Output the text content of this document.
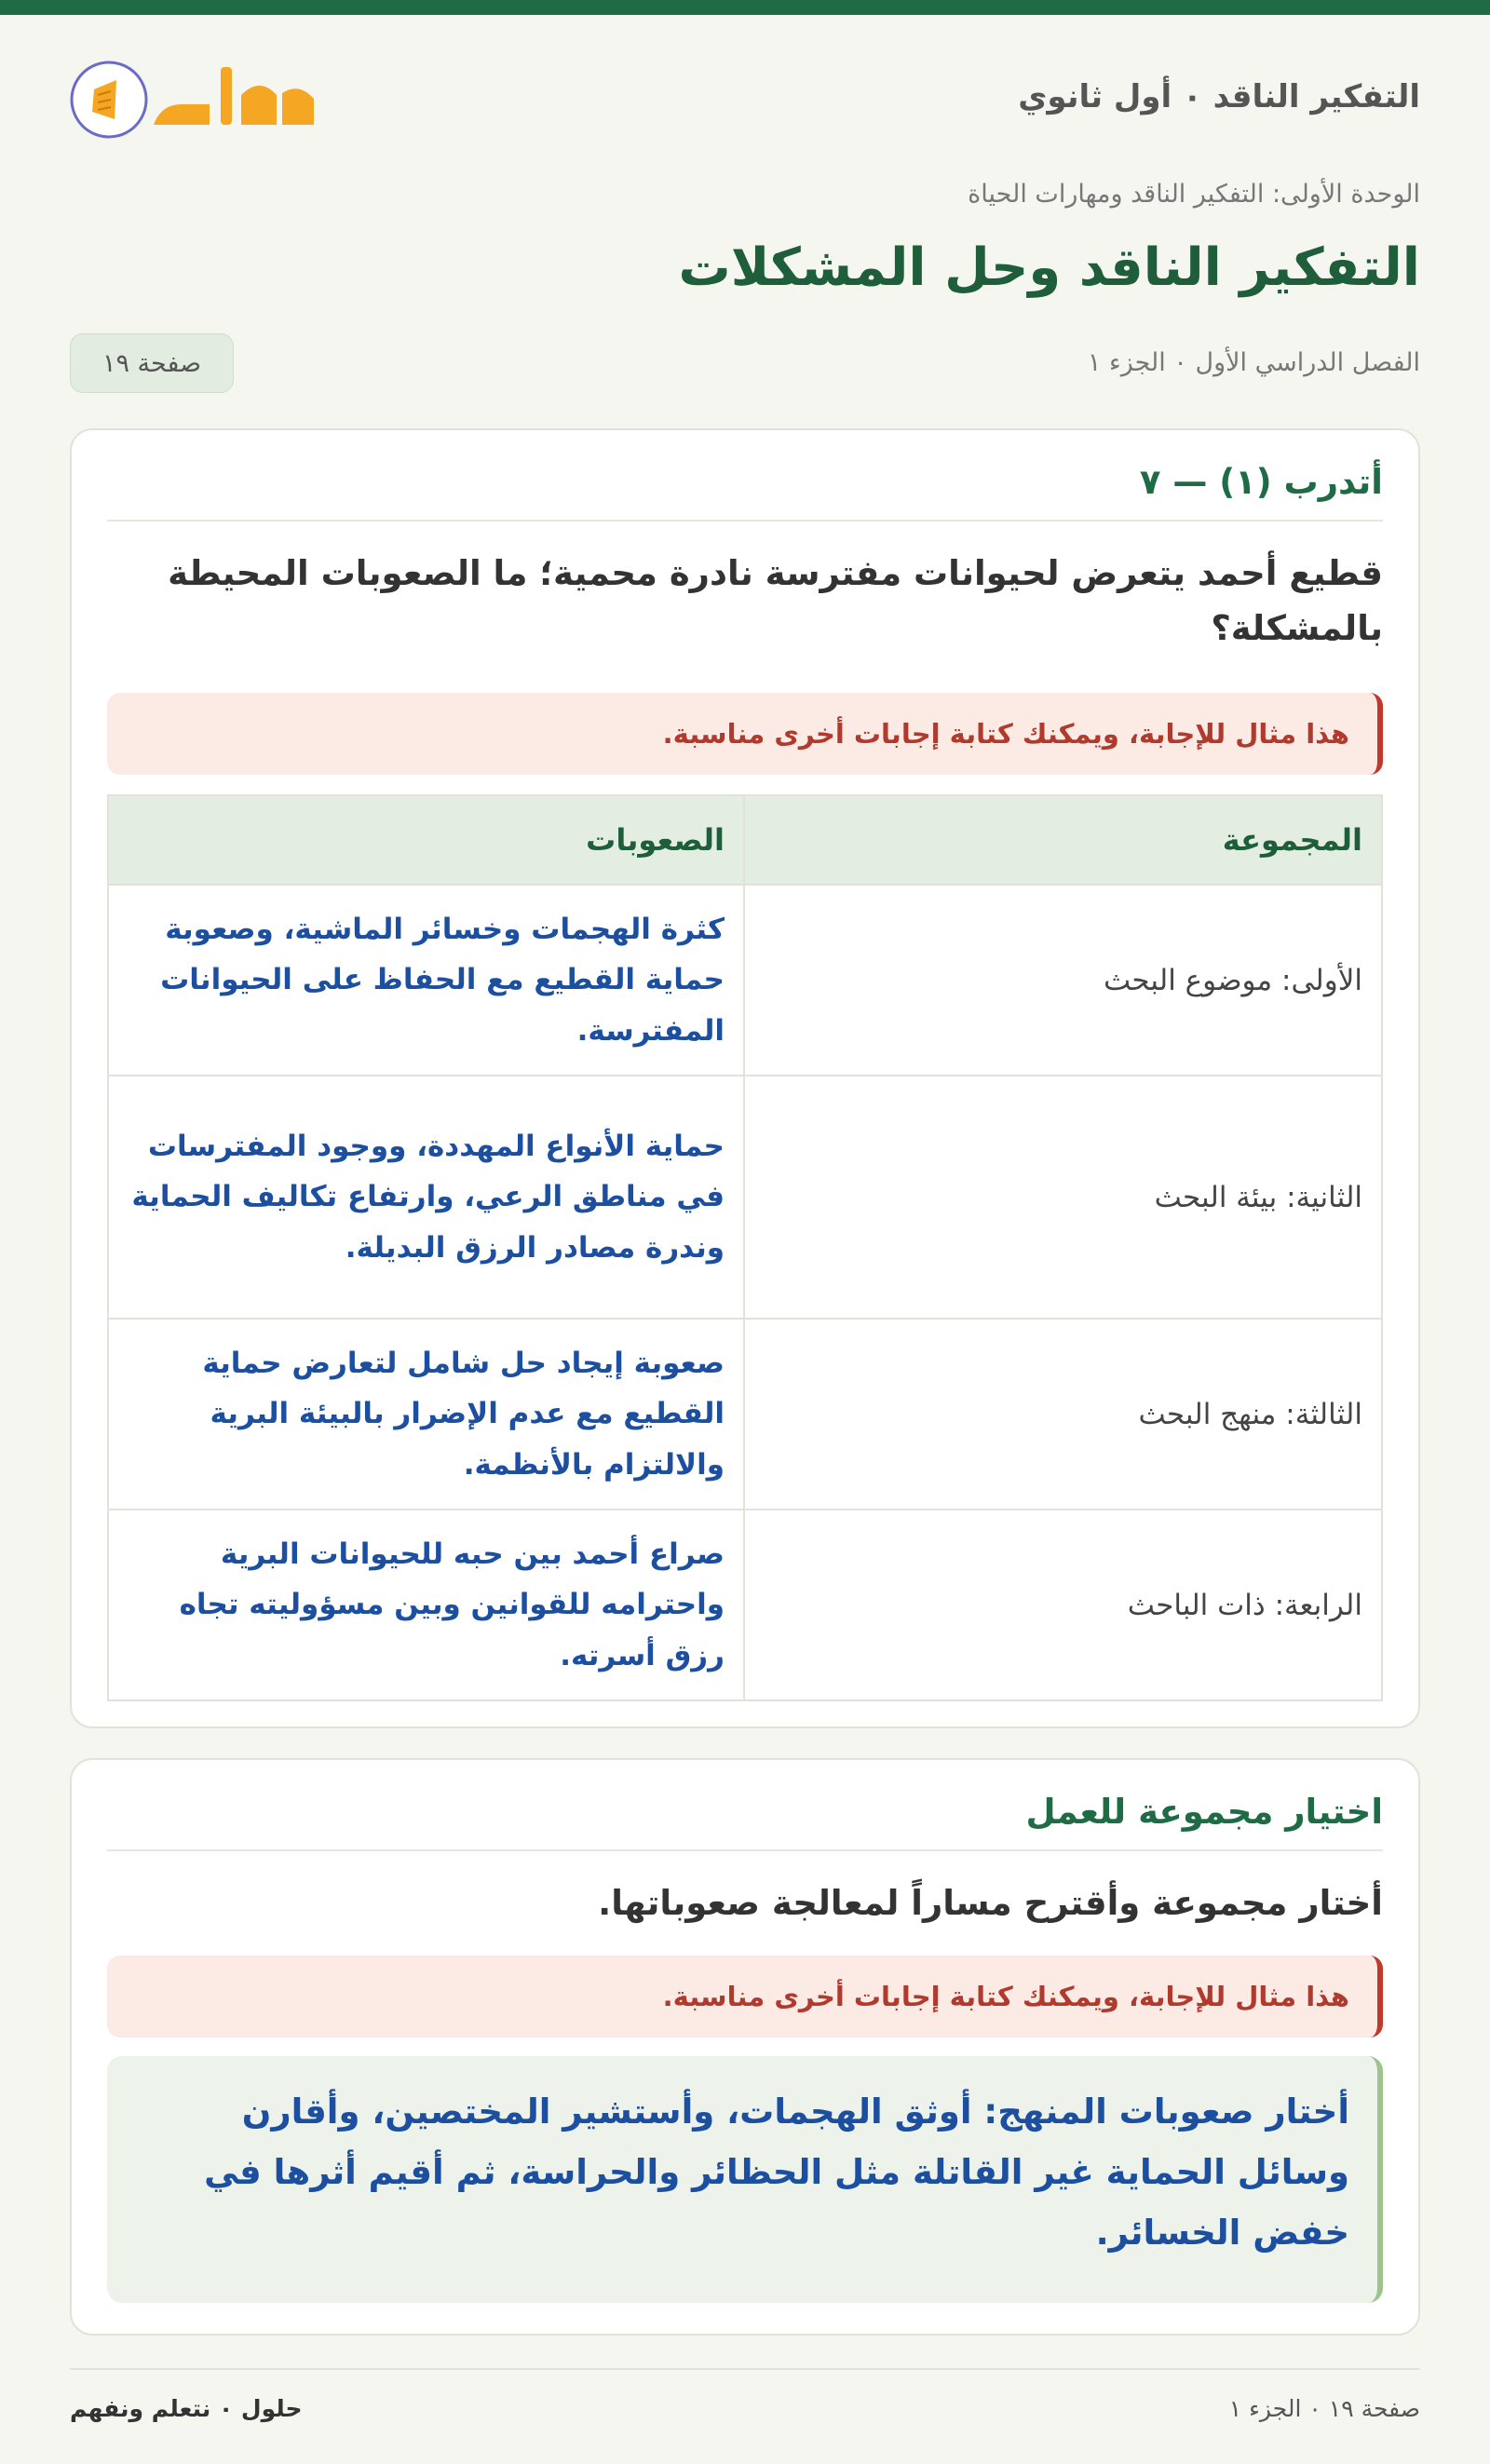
التفكير الناقد ٠ أول ثانوي
حلول
الوحدة الأولى: التفكير الناقد ومهارات الحياة
التفكير الناقد وحل المشكلات
الفصل الدراسي الأول ٠ الجزء ١
صفحة ١٩
أتدرب (١) — ٧
قطيع أحمد يتعرض لحيوانات مفترسة نادرة محمية؛ ما الصعوبات المحيطة بالمشكلة؟
هذا مثال للإجابة، ويمكنك كتابة إجابات أخرى مناسبة.
المجموعة	الصعوبات
الأولى: موضوع البحث	كثرة الهجمات وخسائر الماشية، وصعوبة حماية القطيع مع الحفاظ على الحيوانات المفترسة.
الثانية: بيئة البحث	حماية الأنواع المهددة، ووجود المفترسات في مناطق الرعي، وارتفاع تكاليف الحماية وندرة مصادر الرزق البديلة.
الثالثة: منهج البحث	صعوبة إيجاد حل شامل لتعارض حماية القطيع مع عدم الإضرار بالبيئة البرية والالتزام بالأنظمة.
الرابعة: ذات الباحث	صراع أحمد بين حبه للحيوانات البرية واحترامه للقوانين وبين مسؤوليته تجاه رزق أسرته.
اختيار مجموعة للعمل
أختار مجموعة وأقترح مساراً لمعالجة صعوباتها.
هذا مثال للإجابة، ويمكنك كتابة إجابات أخرى مناسبة.
أختار صعوبات المنهج: أوثق الهجمات، وأستشير المختصين، وأقارن وسائل الحماية غير القاتلة مثل الحظائر والحراسة، ثم أقيم أثرها في خفض الخسائر.
صفحة ١٩ ٠ الجزء ١
حلول ٠ نتعلم ونفهم
